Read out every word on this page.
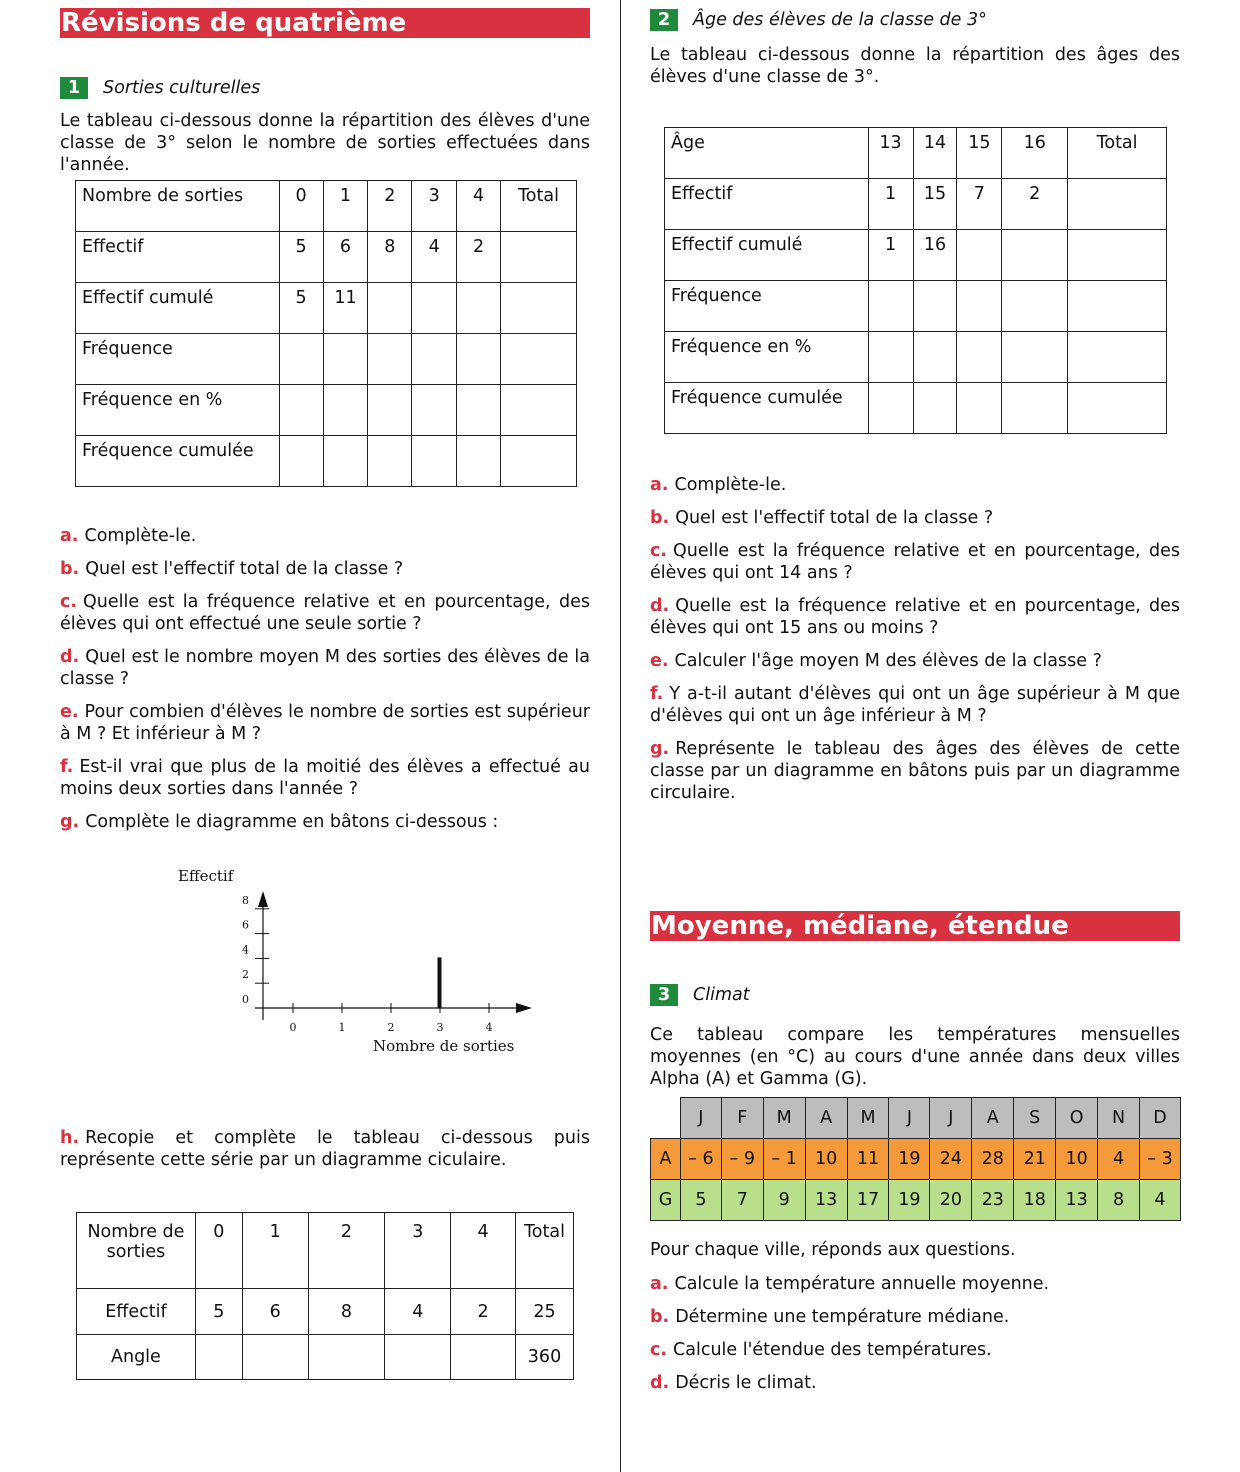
Révisions de quatrième
1	Sorties culturelles

Le tableau ci-dessous donne la répartition des élèves d'une classe de 3° selon le nombre de sorties effectuées dans l'année.

Nombre de sorties	0	1	2	3	4	Total
Effectif	5	6	8	4	2	
Effectif cumulé	5	11				
Fréquence						
Fréquence en %						
Fréquence cumulée						
a. Complète-le.
b. Quel est l'effectif total de la classe ?
c. Quelle est la fréquence relative et en pourcentage, des élèves qui ont effectué une seule sortie ?
d. Quel est le nombre moyen M des sorties des élèves de la classe ?
e. Pour combien d'élèves le nombre de sorties est supérieur à M ? Et inférieur à M ?
f. Est-il vrai que plus de la moitié des élèves a effectué au moins deux sorties dans l'année ?
g. Complète le diagramme en bâtons ci-dessous :
Effectif
0
2
4
6
8
0	1	2	3	4
Nombre de sorties
h. Recopie et complète le tableau ci-dessous puis représente cette série par un diagramme ciculaire.
Nombre de sorties	0	1	2	3	4	Total
Effectif	5	6	8	4	2	25
Angle						360
2	Âge des élèves de la classe de 3°

Le tableau ci-dessous donne la répartition des âges des élèves d'une classe de 3°.

Âge	13	14	15	16	Total
Effectif	1	15	7	2	
Effectif cumulé	1	16			
Fréquence					
Fréquence en %					
Fréquence cumulée					
a. Complète-le.
b. Quel est l'effectif total de la classe ?
c. Quelle est la fréquence relative et en pourcentage, des élèves qui ont 14 ans ?
d. Quelle est la fréquence relative et en pourcentage, des élèves qui ont 15 ans ou moins ?
e. Calculer l'âge moyen M des élèves de la classe ?
f. Y a-t-il autant d'élèves qui ont un âge supérieur à M que d'élèves qui ont un âge inférieur à M ?
g. Représente le tableau des âges des élèves de cette classe par un diagramme en bâtons puis par un diagramme circulaire.
Moyenne, médiane, étendue
3	Climat

Ce tableau compare les températures mensuelles moyennes (en °C) au cours d'une année dans deux villes Alpha (A) et Gamma (G).

	J	F	M	A	M	J	J	A	S	O	N	D
A	– 6	– 9	– 1	10	11	19	24	28	21	10	4	– 3
G	5	7	9	13	17	19	20	23	18	13	8	4

Pour chaque ville, réponds aux questions.

a. Calcule la température annuelle moyenne.
b. Détermine une température médiane.
c. Calcule l'étendue des températures.
d. Décris le climat.
